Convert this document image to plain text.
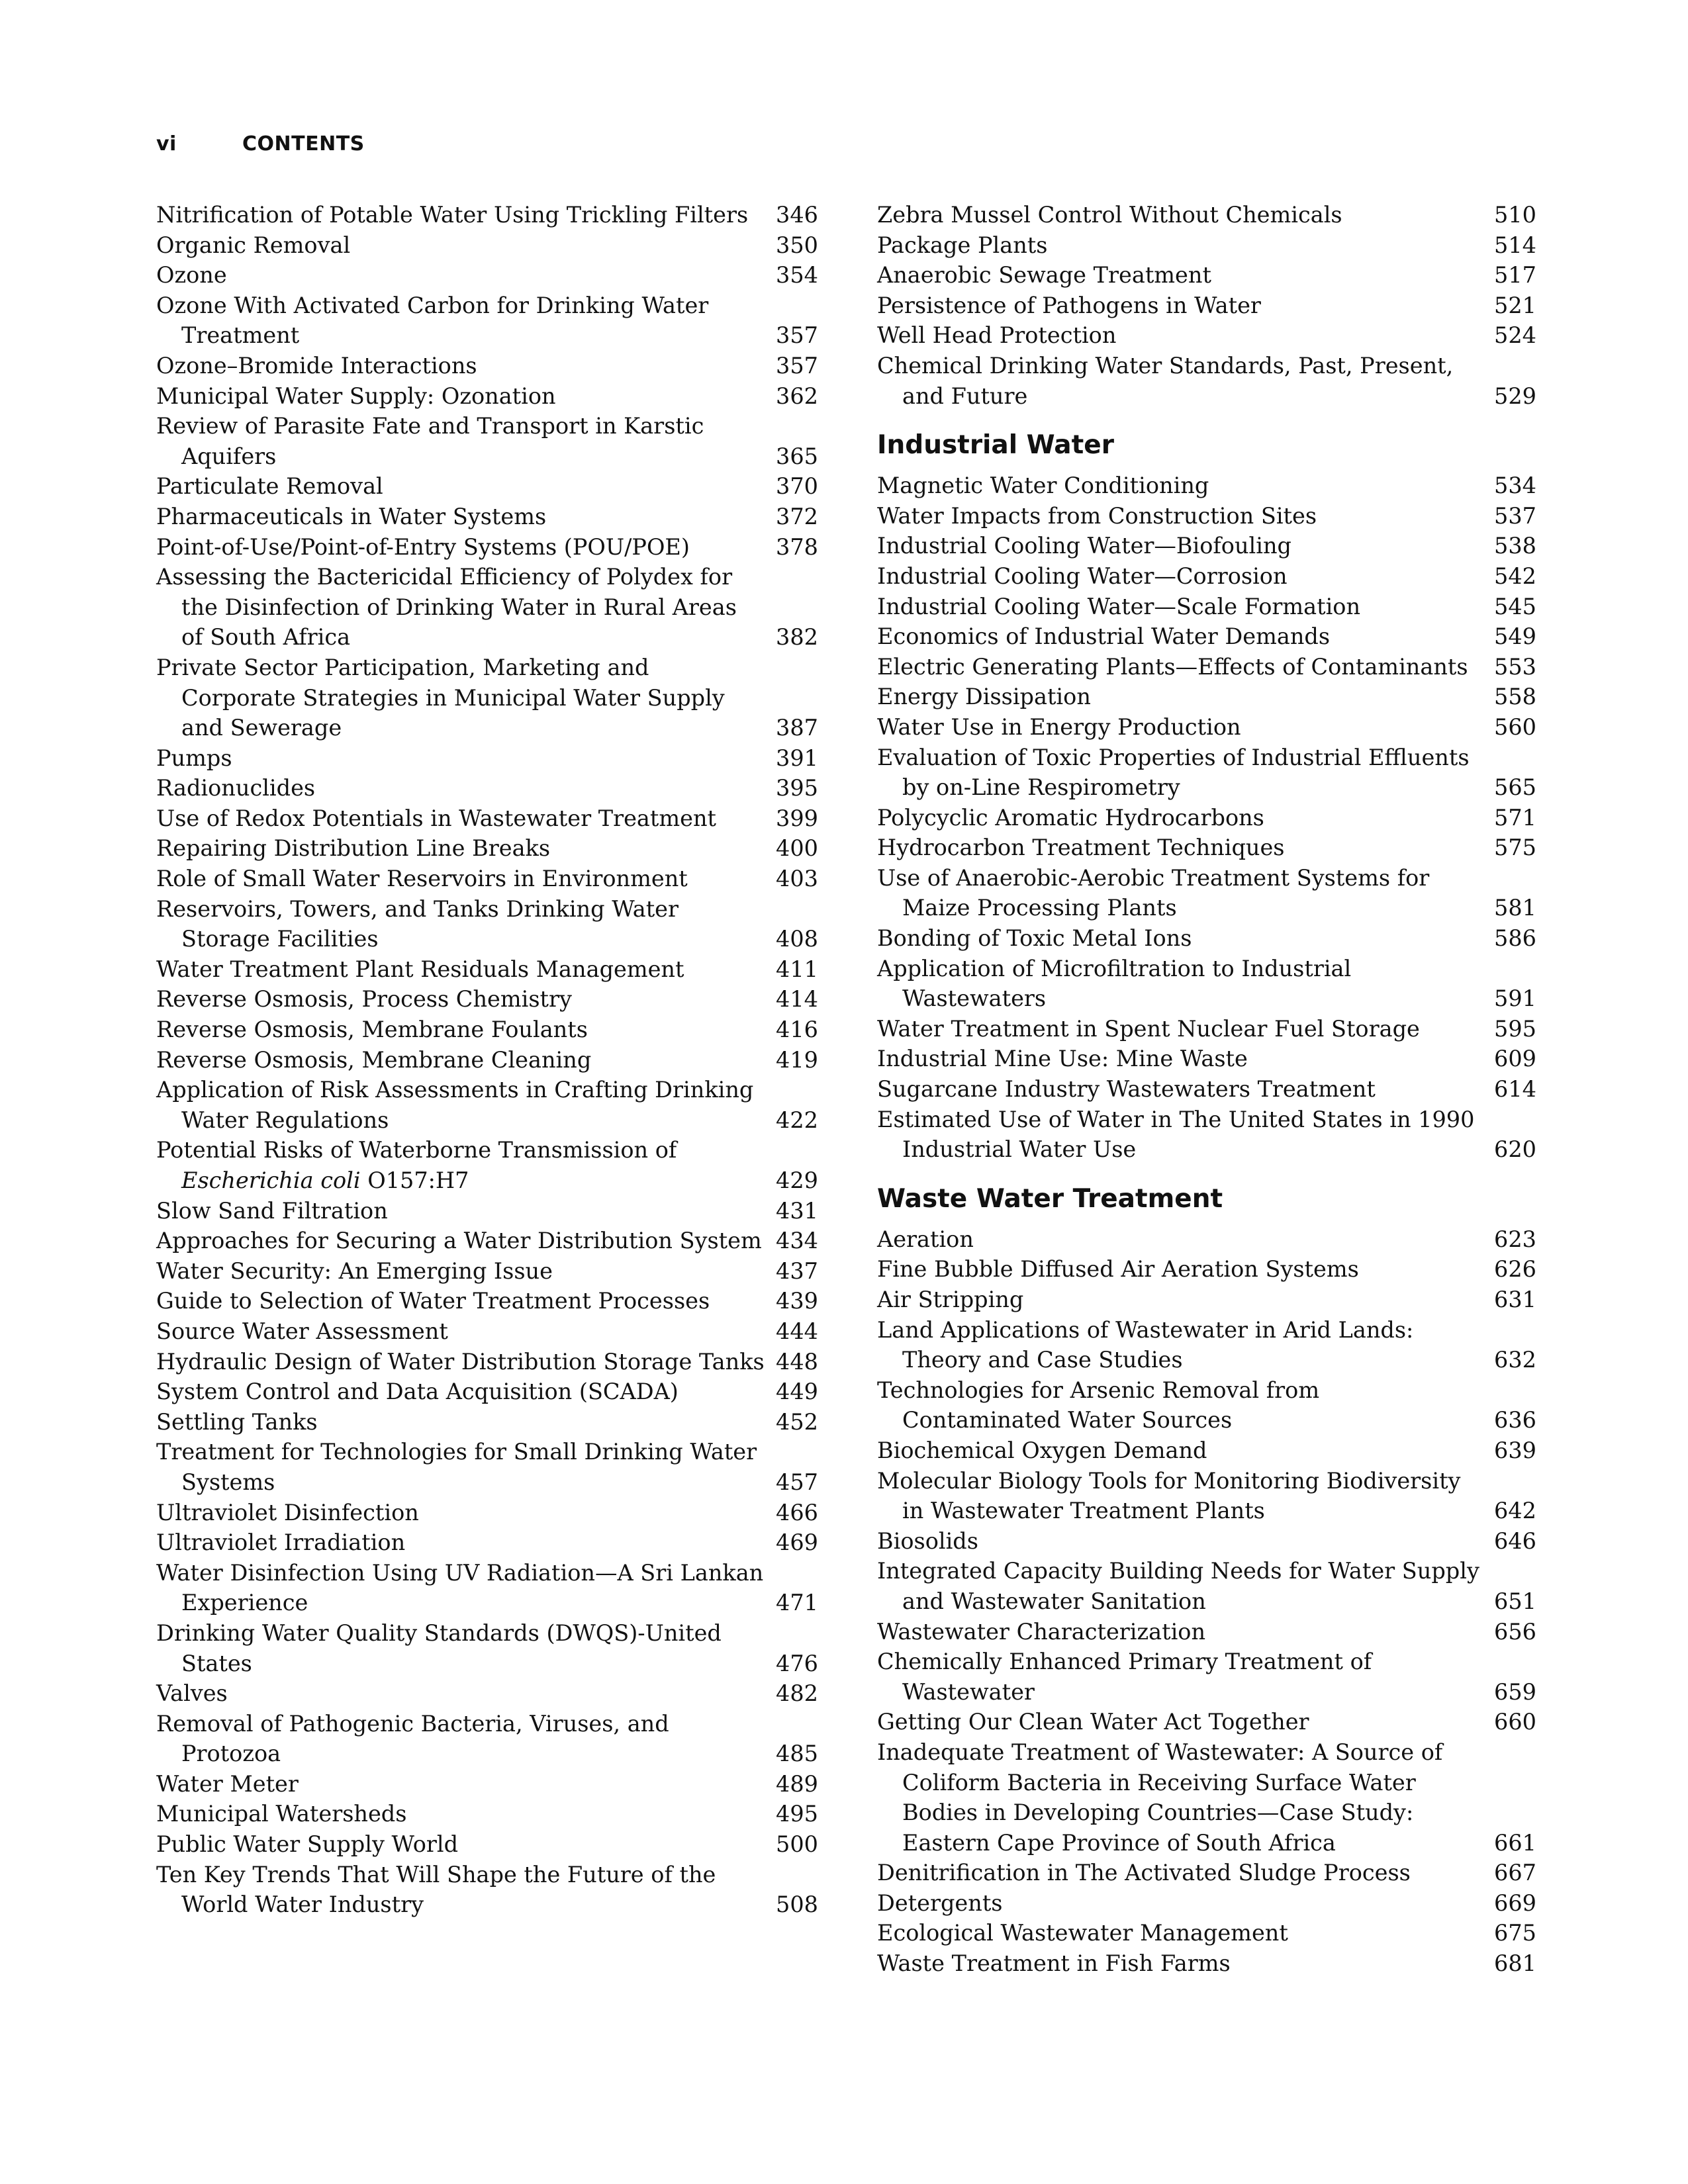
vi	CONTENTS
Nitrification of Potable Water Using Trickling Filters	346
Organic Removal	350
Ozone	354
Ozone With Activated Carbon for Drinking Water Treatment	357
Ozone–Bromide Interactions	357
Municipal Water Supply: Ozonation	362
Review of Parasite Fate and Transport in Karstic Aquifers	365
Particulate Removal	370
Pharmaceuticals in Water Systems	372
Point-of-Use/Point-of-Entry Systems (POU/POE)	378
Assessing the Bactericidal Efficiency of Polydex for the Disinfection of Drinking Water in Rural Areas of South Africa	382
Private Sector Participation, Marketing and Corporate Strategies in Municipal Water Supply and Sewerage	387
Pumps	391
Radionuclides	395
Use of Redox Potentials in Wastewater Treatment	399
Repairing Distribution Line Breaks	400
Role of Small Water Reservoirs in Environment	403
Reservoirs, Towers, and Tanks Drinking Water Storage Facilities	408
Water Treatment Plant Residuals Management	411
Reverse Osmosis, Process Chemistry	414
Reverse Osmosis, Membrane Foulants	416
Reverse Osmosis, Membrane Cleaning	419
Application of Risk Assessments in Crafting Drinking Water Regulations	422
Potential Risks of Waterborne Transmission of Escherichia coli O157:H7	429
Slow Sand Filtration	431
Approaches for Securing a Water Distribution System 434
Water Security: An Emerging Issue	437
Guide to Selection of Water Treatment Processes	439
Source Water Assessment	444
Hydraulic Design of Water Distribution Storage Tanks 448
System Control and Data Acquisition (SCADA)	449
Settling Tanks	452
Treatment for Technologies for Small Drinking Water Systems	457
Ultraviolet Disinfection	466
Ultraviolet Irradiation	469
Water Disinfection Using UV Radiation—A Sri Lankan Experience	471
Drinking Water Quality Standards (DWQS)-United States	476
Valves	482
Removal of Pathogenic Bacteria, Viruses, and Protozoa	485
Water Meter	489
Municipal Watersheds	495
Public Water Supply World	500
Ten Key Trends That Will Shape the Future of the World Water Industry	508
Zebra Mussel Control Without Chemicals	510
Package Plants	514
Anaerobic Sewage Treatment	517
Persistence of Pathogens in Water	521
Well Head Protection	524
Chemical Drinking Water Standards, Past, Present, and Future	529
Industrial Water
Magnetic Water Conditioning	534
Water Impacts from Construction Sites	537
Industrial Cooling Water—Biofouling	538
Industrial Cooling Water—Corrosion	542
Industrial Cooling Water—Scale Formation	545
Economics of Industrial Water Demands	549
Electric Generating Plants—Effects of Contaminants	553
Energy Dissipation	558
Water Use in Energy Production	560
Evaluation of Toxic Properties of Industrial Effluents by on-Line Respirometry	565
Polycyclic Aromatic Hydrocarbons	571
Hydrocarbon Treatment Techniques	575
Use of Anaerobic-Aerobic Treatment Systems for Maize Processing Plants	581
Bonding of Toxic Metal Ions	586
Application of Microfiltration to Industrial Wastewaters	591
Water Treatment in Spent Nuclear Fuel Storage	595
Industrial Mine Use: Mine Waste	609
Sugarcane Industry Wastewaters Treatment	614
Estimated Use of Water in The United States in 1990 Industrial Water Use	620
Waste Water Treatment
Aeration	623
Fine Bubble Diffused Air Aeration Systems	626
Air Stripping	631
Land Applications of Wastewater in Arid Lands: Theory and Case Studies	632
Technologies for Arsenic Removal from Contaminated Water Sources	636
Biochemical Oxygen Demand	639
Molecular Biology Tools for Monitoring Biodiversity in Wastewater Treatment Plants	642
Biosolids	646
Integrated Capacity Building Needs for Water Supply and Wastewater Sanitation	651
Wastewater Characterization	656
Chemically Enhanced Primary Treatment of Wastewater	659
Getting Our Clean Water Act Together	660
Inadequate Treatment of Wastewater: A Source of Coliform Bacteria in Receiving Surface Water Bodies in Developing Countries—Case Study: Eastern Cape Province of South Africa	661
Denitrification in The Activated Sludge Process	667
Detergents	669
Ecological Wastewater Management	675
Waste Treatment in Fish Farms	681
